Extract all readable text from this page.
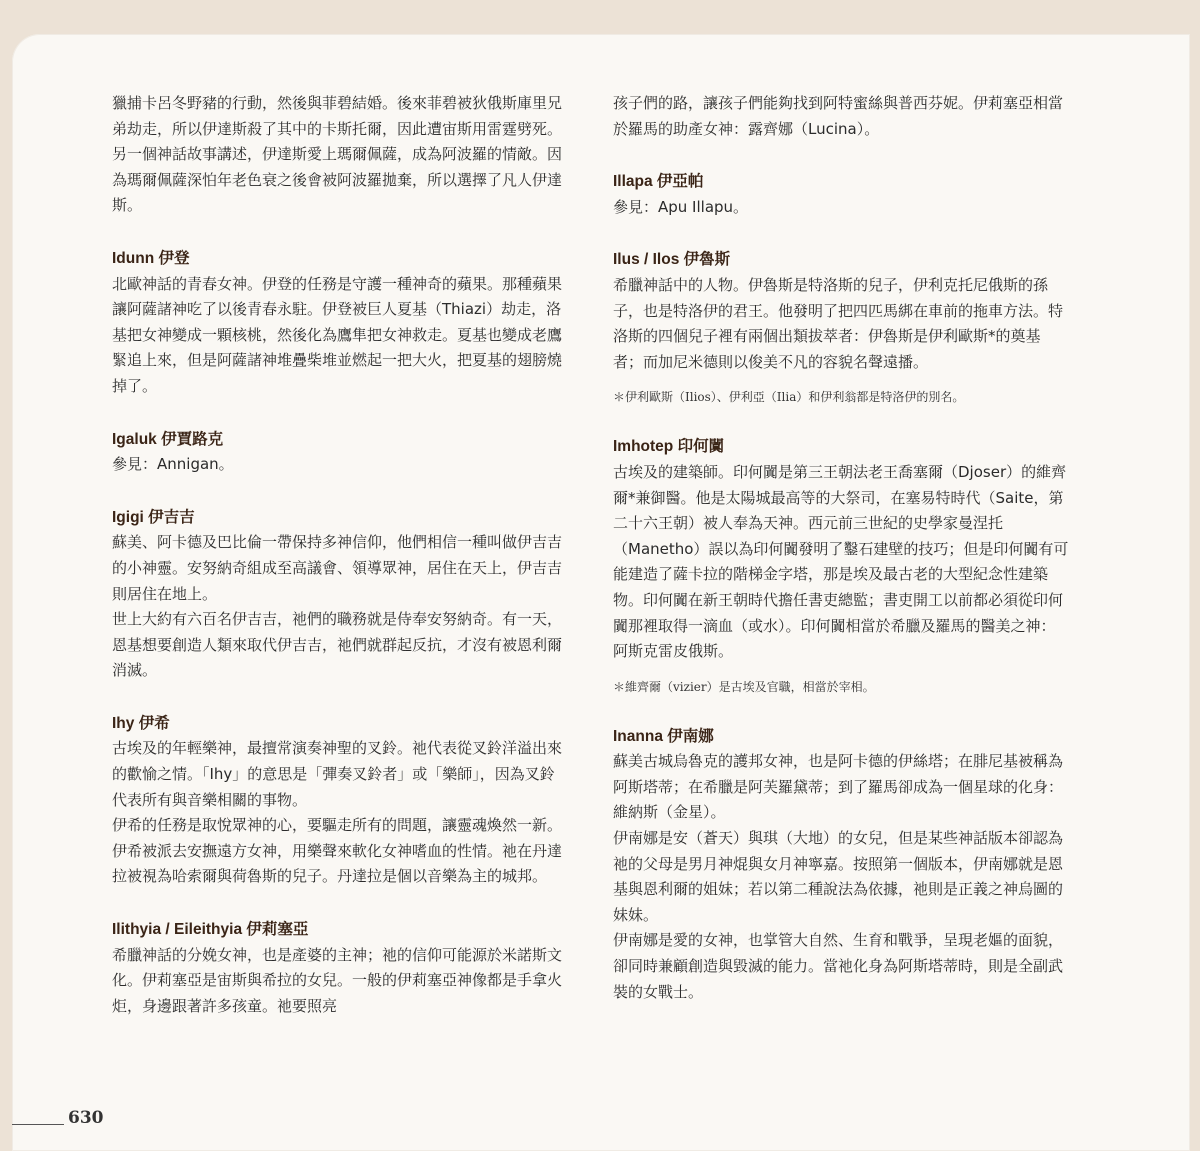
獵捕卡呂冬野豬的行動，然後與菲碧結婚。後來菲碧被狄俄斯庫里兄弟劫走，所以伊達斯殺了其中的卡斯托爾，因此遭宙斯用雷霆劈死。

另一個神話故事講述，伊達斯愛上瑪爾佩薩，成為阿波羅的情敵。因為瑪爾佩薩深怕年老色衰之後會被阿波羅拋棄，所以選擇了凡人伊達斯。

Idunn 伊登

北歐神話的青春女神。伊登的任務是守護一種神奇的蘋果。那種蘋果讓阿薩諸神吃了以後青春永駐。伊登被巨人夏基（Thiazi）劫走，洛基把女神變成一顆核桃，然後化為鷹隼把女神救走。夏基也變成老鷹緊追上來，但是阿薩諸神堆疊柴堆並燃起一把大火，把夏基的翅膀燒掉了。

Igaluk 伊賈路克

參見：Annigan。

Igigi 伊吉吉

蘇美、阿卡德及巴比倫一帶保持多神信仰，他們相信一種叫做伊吉吉的小神靈。安努納奇組成至高議會、領導眾神，居住在天上，伊吉吉則居住在地上。

世上大約有六百名伊吉吉，祂們的職務就是侍奉安努納奇。有一天，恩基想要創造人類來取代伊吉吉，祂們就群起反抗，才沒有被恩利爾消滅。

Ihy 伊希

古埃及的年輕樂神，最擅常演奏神聖的叉鈴。祂代表從叉鈴洋溢出來的歡愉之情。「Ihy」的意思是「彈奏叉鈴者」或「樂師」，因為叉鈴代表所有與音樂相關的事物。

伊希的任務是取悅眾神的心，要驅走所有的問題，讓靈魂煥然一新。伊希被派去安撫遠方女神，用樂聲來軟化女神嗜血的性情。祂在丹達拉被視為哈索爾與荷魯斯的兒子。丹達拉是個以音樂為主的城邦。

Ilithyia / Eileithyia 伊莉塞亞

希臘神話的分娩女神，也是產婆的主神；祂的信仰可能源於米諾斯文化。伊莉塞亞是宙斯與希拉的女兒。一般的伊莉塞亞神像都是手拿火炬，身邊跟著許多孩童。祂要照亮

孩子們的路，讓孩子們能夠找到阿特蜜絲與普西芬妮。伊莉塞亞相當於羅馬的助產女神：露齊娜（Lucina）。

Illapa 伊亞帕

參見：Apu Illapu。

Ilus / Ilos 伊魯斯

希臘神話中的人物。伊魯斯是特洛斯的兒子，伊利克托尼俄斯的孫子，也是特洛伊的君王。他發明了把四匹馬綁在車前的拖車方法。特洛斯的四個兒子裡有兩個出類拔萃者：伊魯斯是伊利歐斯*的奠基者；而加尼米德則以俊美不凡的容貌名聲遠播。

＊伊利歐斯（Ilios）、伊利亞（Ilia）和伊利翁都是特洛伊的別名。

Imhotep 印何闐

古埃及的建築師。印何闐是第三王朝法老王喬塞爾（Djoser）的維齊爾*兼御醫。他是太陽城最高等的大祭司，在塞易特時代（Saite，第二十六王朝）被人奉為天神。西元前三世紀的史學家曼涅托（Manetho）誤以為印何闐發明了鑿石建壁的技巧；但是印何闐有可能建造了薩卡拉的階梯金字塔，那是埃及最古老的大型紀念性建築物。印何闐在新王朝時代擔任書吏總監；書吏開工以前都必須從印何闐那裡取得一滴血（或水）。印何闐相當於希臘及羅馬的醫美之神：阿斯克雷皮俄斯。

＊維齊爾（vizier）是古埃及官職，相當於宰相。

Inanna 伊南娜

蘇美古城烏魯克的護邦女神，也是阿卡德的伊絲塔；在腓尼基被稱為阿斯塔蒂；在希臘是阿芙羅黛蒂；到了羅馬卻成為一個星球的化身：維納斯（金星）。

伊南娜是安（蒼天）與琪（大地）的女兒，但是某些神話版本卻認為祂的父母是男月神焜與女月神寧嘉。按照第一個版本，伊南娜就是恩基與恩利爾的姐妹；若以第二種說法為依據，祂則是正義之神烏圖的妹妹。

伊南娜是愛的女神，也掌管大自然、生育和戰爭，呈現老嫗的面貌，卻同時兼顧創造與毀滅的能力。當祂化身為阿斯塔蒂時，則是全副武裝的女戰士。

630
